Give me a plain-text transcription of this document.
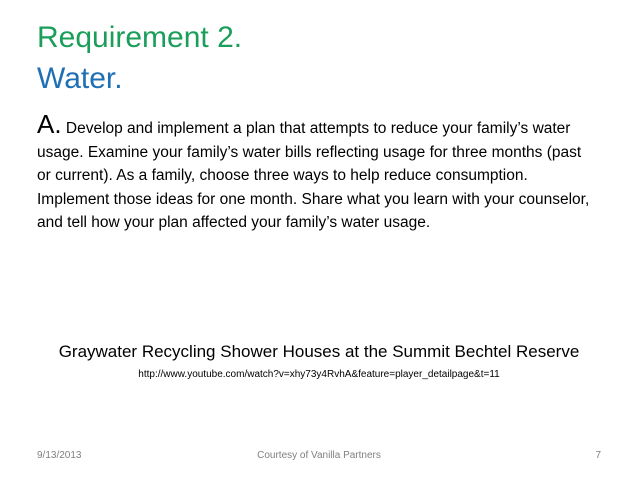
Requirement 2.
Water.
A. Develop and implement a plan that attempts to reduce your family’s water usage. Examine your family’s water bills reflecting usage for three months (past or current). As a family, choose three ways to help reduce consumption. Implement those ideas for one month. Share what you learn with your counselor, and tell how your plan affected your family’s water usage.
Graywater Recycling Shower Houses at the Summit Bechtel Reserve
http://www.youtube.com/watch?v=xhy73y4RvhA&feature=player_detailpage&t=11
9/13/2013	Courtesy of Vanilla Partners	7
